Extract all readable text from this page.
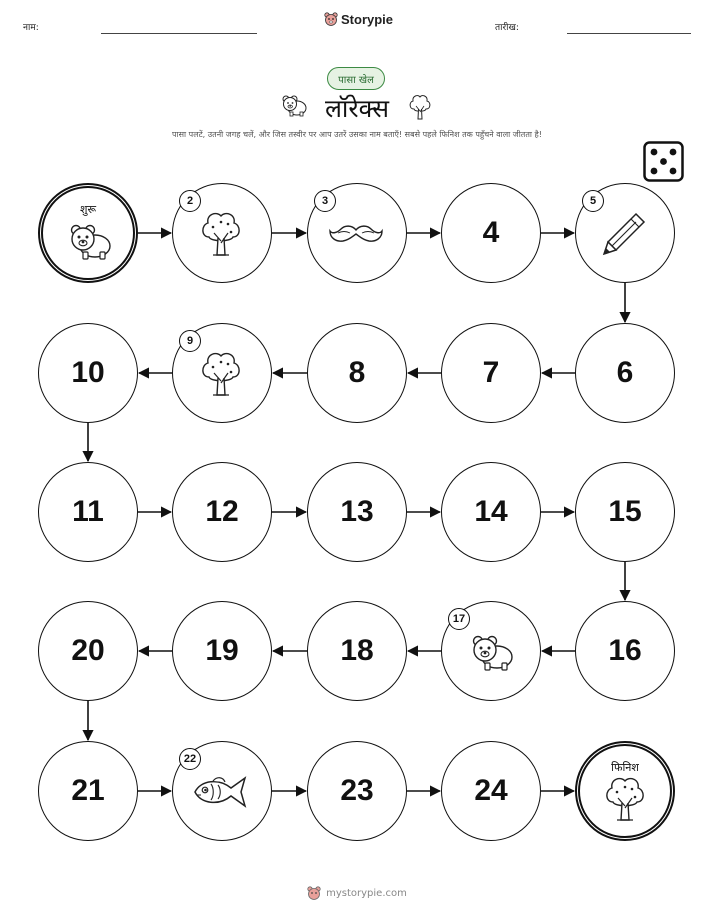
नाम:
Storypie
तारीख:
पासा खेल
लॉरेक्स
पासा पलटें, उतनी जगह चलें, और जिस तस्वीर पर आप उतरें उसका नाम बताएँ! सबसे पहले फिनिश तक पहुँचने वाला जीतता है!
शुरू
2	3
4
5
6
7
8
9
10
11	12	13	14	15
16
17
18
19
20
21
22
23	24
फिनिश
mystorypie.com
